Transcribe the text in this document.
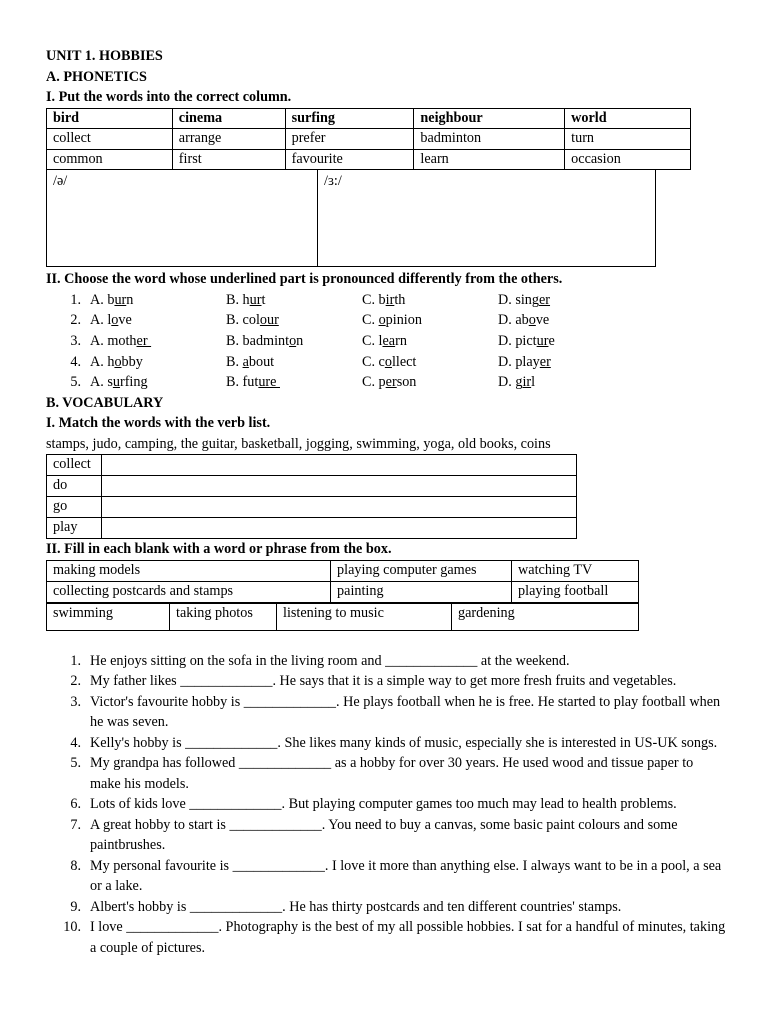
UNIT 1. HOBBIES
A. PHONETICS
I. Put the words into the correct column.
bird	cinema	surfing	neighbour	world
collect	arrange	prefer	badminton	turn
common	first	favourite	learn	occasion
/ə/	/ɜ:/
II. Choose the word whose underlined part is pronounced differently from the others.
1. A. burn	B. hurt	C. birth	D. singer
2. A. love	B. colour	C. opinion	D. above
3. A. mother	B. badminton	C. learn	D. picture
4. A. hobby	B. about	C. collect	D. player
5. A. surfing	B. future	C. person	D. girl
B. VOCABULARY
I. Match the words with the verb list.
stamps, judo, camping, the guitar, basketball, jogging, swimming, yoga, old books, coins
collect	
do	
go	
play	
II. Fill in each blank with a word or phrase from the box.
making models	playing computer games	watching TV
collecting postcards and stamps	painting	playing football
swimming	taking photos	listening to music	gardening
1. He enjoys sitting on the sofa in the living room and _____________ at the weekend.
2. My father likes _____________. He says that it is a simple way to get more fresh fruits and vegetables.
3. Victor's favourite hobby is _____________. He plays football when he is free. He started to play football when he was seven.
4. Kelly's hobby is _____________. She likes many kinds of music, especially she is interested in US-UK songs.
5. My grandpa has followed _____________ as a hobby for over 30 years. He used wood and tissue paper to make his models.
6. Lots of kids love _____________. But playing computer games too much may lead to health problems.
7. A great hobby to start is _____________. You need to buy a canvas, some basic paint colours and some paintbrushes.
8. My personal favourite is _____________. I love it more than anything else. I always want to be in a pool, a sea or a lake.
9. Albert's hobby is _____________. He has thirty postcards and ten different countries' stamps.
10. I love _____________. Photography is the best of my all possible hobbies. I sat for a handful of minutes, taking a couple of pictures.
